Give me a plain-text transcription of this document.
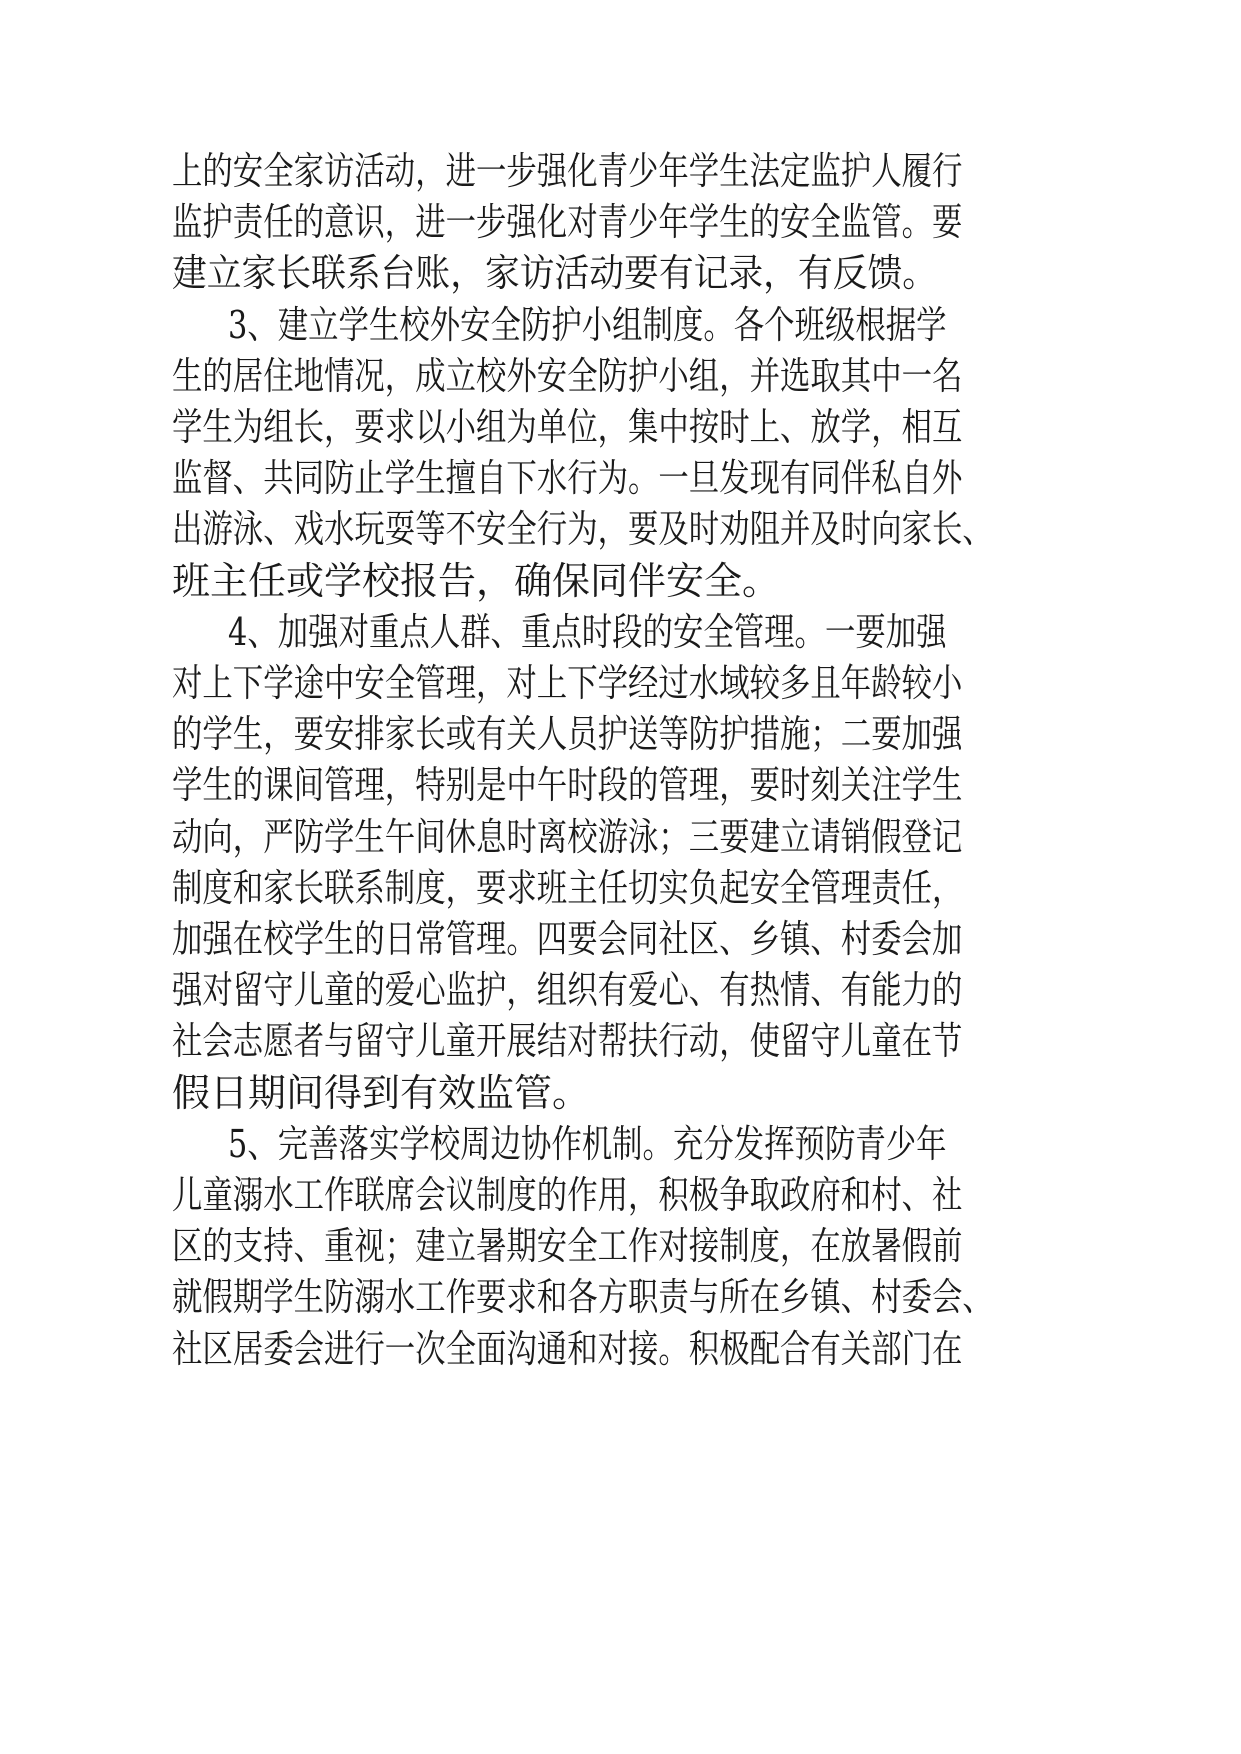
上的安全家访活动，进一步强化青少年学生法定监护人履行
监护责任的意识，进一步强化对青少年学生的安全监管。要
建立家长联系台账，家访活动要有记录，有反馈。
3、建立学生校外安全防护小组制度。各个班级根据学
生的居住地情况，成立校外安全防护小组，并选取其中一名
学生为组长，要求以小组为单位，集中按时上、放学，相互
监督、共同防止学生擅自下水行为。一旦发现有同伴私自外
出游泳、戏水玩耍等不安全行为，要及时劝阻并及时向家长、
班主任或学校报告，确保同伴安全。
4、加强对重点人群、重点时段的安全管理。一要加强
对上下学途中安全管理，对上下学经过水域较多且年龄较小
的学生，要安排家长或有关人员护送等防护措施；二要加强
学生的课间管理，特别是中午时段的管理，要时刻关注学生
动向，严防学生午间休息时离校游泳；三要建立请销假登记
制度和家长联系制度，要求班主任切实负起安全管理责任，
加强在校学生的日常管理。四要会同社区、乡镇、村委会加
强对留守儿童的爱心监护，组织有爱心、有热情、有能力的
社会志愿者与留守儿童开展结对帮扶行动，使留守儿童在节
假日期间得到有效监管。
5、完善落实学校周边协作机制。充分发挥预防青少年
儿童溺水工作联席会议制度的作用，积极争取政府和村、社
区的支持、重视；建立暑期安全工作对接制度，在放暑假前
就假期学生防溺水工作要求和各方职责与所在乡镇、村委会、
社区居委会进行一次全面沟通和对接。积极配合有关部门在
